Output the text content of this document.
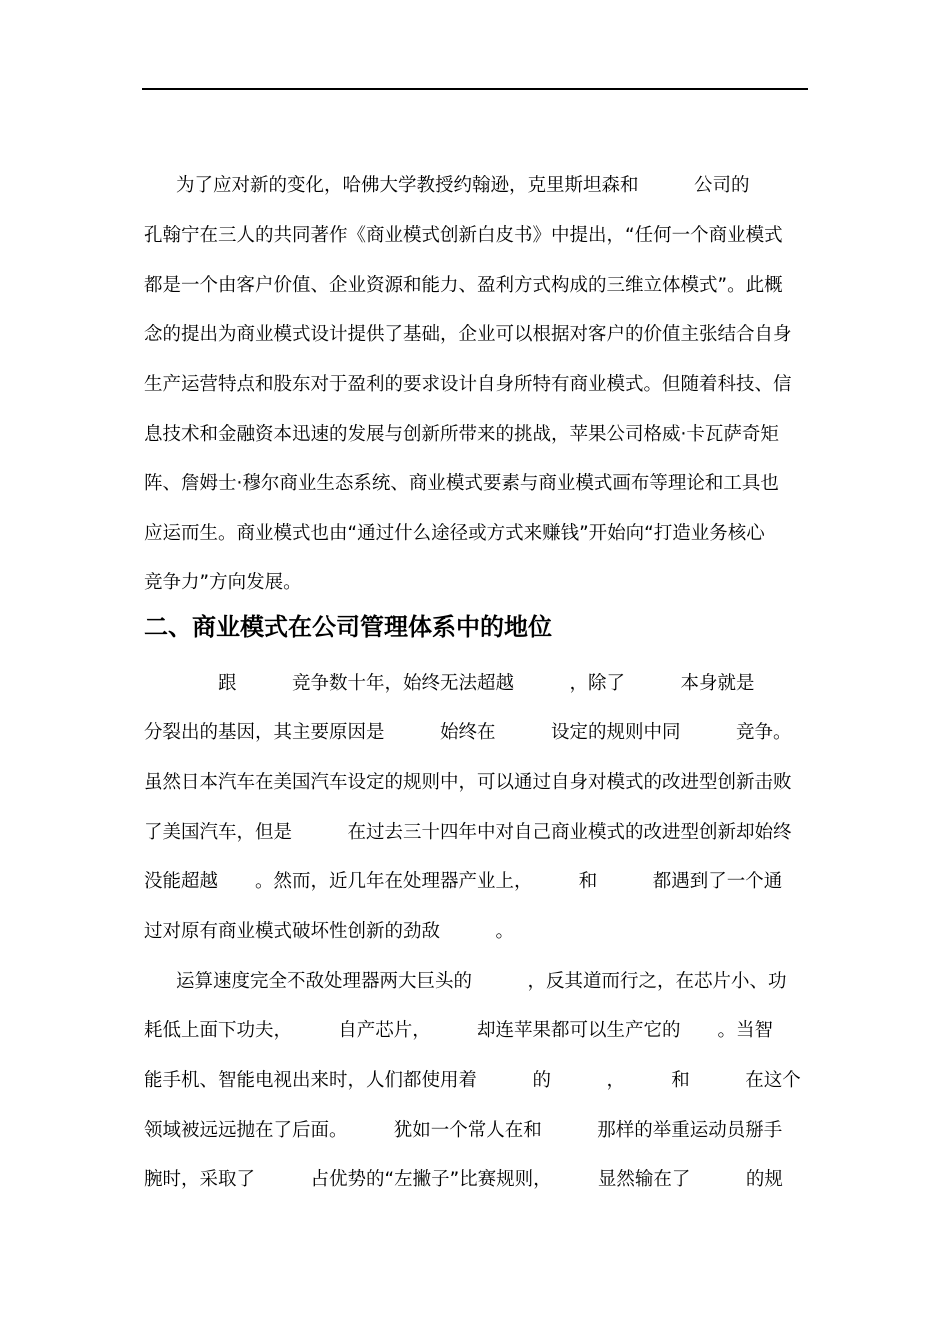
为了应对新的变化，哈佛大学教授约翰逊，克里斯坦森和　　　公司的
孔翰宁在三人的共同著作《商业模式创新白皮书》中提出，“任何一个商业模式
都是一个由客户价值、企业资源和能力、盈利方式构成的三维立体模式”。此概
念的提出为商业模式设计提供了基础，企业可以根据对客户的价值主张结合自身
生产运营特点和股东对于盈利的要求设计自身所特有商业模式。但随着科技、信
息技术和金融资本迅速的发展与创新所带来的挑战，苹果公司格威·卡瓦萨奇矩
阵、詹姆士·穆尔商业生态系统、商业模式要素与商业模式画布等理论和工具也
应运而生。商业模式也由“通过什么途径或方式来赚钱”开始向“打造业务核心
竞争力”方向发展。
二、商业模式在公司管理体系中的地位
　　　　跟　　　竞争数十年，始终无法超越　　　，除了　　　本身就是
分裂出的基因，其主要原因是　　　始终在　　　设定的规则中同　　　竞争。
虽然日本汽车在美国汽车设定的规则中，可以通过自身对模式的改进型创新击败
了美国汽车，但是　　　在过去三十四年中对自己商业模式的改进型创新却始终
没能超越　　。然而，近几年在处理器产业上，　　　和　　　都遇到了一个通
过对原有商业模式破坏性创新的劲敌　　　。
运算速度完全不敌处理器两大巨头的　　　，反其道而行之，在芯片小、功
耗低上面下功夫，　　　自产芯片，　　　却连苹果都可以生产它的　　。当智
能手机、智能电视出来时，人们都使用着　　　的　　　，　　　和　　　在这个
领域被远远抛在了后面。　　　犹如一个常人在和　　　那样的举重运动员掰手
腕时，采取了　　　占优势的“左撇子”比赛规则，　　　显然输在了　　　的规
